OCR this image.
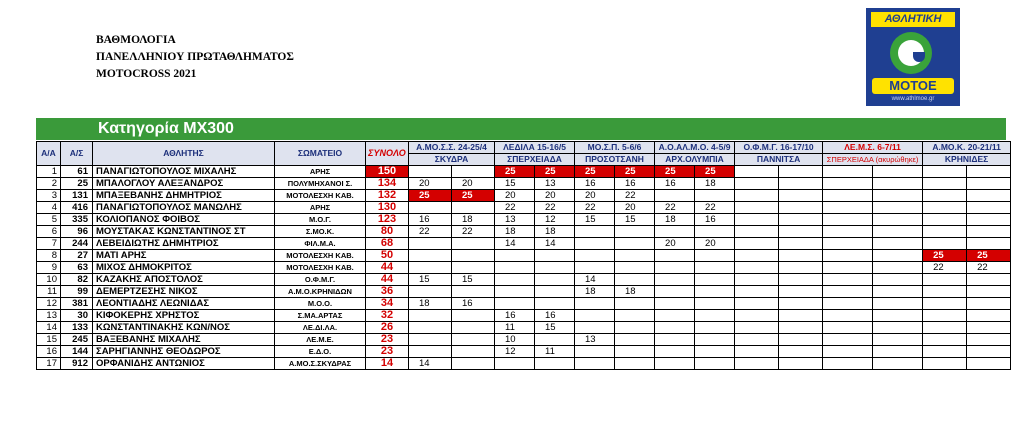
ΒΑΘΜΟΛΟΓΙΑ
ΠΑΝΕΛΛΗΝΙΟΥ ΠΡΩΤΑΘΛΗΜΑΤΟΣ
MOTOCROSS 2021
ΑΘΛΗΤΙΚΗ
ΜΟΤΟΕ
www.athlmoe.gr
Κατηγορία ΜΧ300
Α/Α	Α/Σ	ΑΘΛΗΤΗΣ	ΣΩΜΑΤΕΙΟ	ΣΥΝΟΛΟ	Α.ΜΟ.Σ.Σ. 24-25/4		ΛΕΔΙΛΑ 15-16/5		ΜΟ.Σ.Π. 5-6/6		Α.Ο.ΑΛ.Μ.Ο. 4-5/9		Ο.Φ.Μ.Γ. 16-17/10		ΛΕ.Μ.Σ. 6-7/11		Α.ΜΟ.Κ. 20-21/11	
					ΣΚΥΔΡΑ		ΣΠΕΡΧΕΙΑΔΑ		ΠΡΟΣΟΤΣΑΝΗ		ΑΡΧ.ΟΛΥΜΠΙΑ		ΠΑΝΝΙΤΣΑ		ΣΠΕΡΧΕΙΑΔΑ (ακυρώθηκε)		ΚΡΗΝΙΔΕΣ	
1	61	ΠΑΝΑΓΙΩΤΟΠΟΥΛΟΣ ΜΙΧΑΛΗΣ	ΑΡΗΣ	150			25	25	25	25	25	25						
2	25	ΜΠΑΛΟΓΛΟΥ ΑΛΕΞΑΝΔΡΟΣ	ΠΟΛΥΜΗΧΑΝΟΙ Σ.	134	20	20	15	13	16	16	16	18						
3	131	ΜΠΑΞΕΒΑΝΗΣ ΔΗΜΗΤΡΙΟΣ	ΜΟΤΟΛΕΣΧΗ ΚΑΒ.	132	25	25	20	20	20	22								
4	416	ΠΑΝΑΓΙΩΤΟΠΟΥΛΟΣ ΜΑΝΩΛΗΣ	ΑΡΗΣ	130			22	22	22	20	22	22						
5	335	ΚΟΛΙΟΠΑΝΟΣ ΦΟΙΒΟΣ	Μ.Ο.Γ.	123	16	18	13	12	15	15	18	16						
6	96	ΜΟΥΣΤΑΚΑΣ ΚΩΝΣΤΑΝΤΙΝΟΣ ΣΤ	Σ.ΜΟ.Κ.	80	22	22	18	18										
7	244	ΛΕΒΕΙΔΙΩΤΗΣ ΔΗΜΗΤΡΙΟΣ	ΦΙΛ.Μ.Α.	68			14	14			20	20						
8	27	ΜΑΤΙ ΑΡΗΣ	ΜΟΤΟΛΕΣΧΗ ΚΑΒ.	50													25	25
9	63	ΜΙΧΟΣ ΔΗΜΟΚΡΙΤΟΣ	ΜΟΤΟΛΕΣΧΗ ΚΑΒ.	44													22	22
10	82	ΚΑΖΑΚΗΣ ΑΠΟΣΤΟΛΟΣ	Ο.Φ.Μ.Γ.	44	15	15			14									
11	99	ΔΕΜΕΡΤΖΕΣΗΣ ΝΙΚΟΣ	Α.Μ.Ο.ΚΡΗΝΙΔΩΝ	36					18	18								
12	381	ΛΕΟΝΤΙΑΔΗΣ ΛΕΩΝΙΔΑΣ	Μ.Ο.Ο.	34	18	16												
13	30	ΚΙΦΟΚΕΡΗΣ ΧΡΗΣΤΟΣ	Σ.ΜΑ.ΑΡΤΑΣ	32			16	16										
14	133	ΚΩΝΣΤΑΝΤΙΝΑΚΗΣ ΚΩΝ/ΝΟΣ	ΛΕ.ΔΙ.ΛΑ.	26			11	15										
15	245	ΒΑΞΕΒΑΝΗΣ ΜΙΧΑΛΗΣ	ΛΕ.Μ.Ε.	23			10		13									
16	144	ΣΑΡΗΓΙΑΝΝΗΣ ΘΕΟΔΩΡΟΣ	Ε.Δ.Ο.	23			12	11										
17	912	ΟΡΦΑΝΙΔΗΣ ΑΝΤΩΝΙΟΣ	Α.ΜΟ.Σ.ΣΚΥΔΡΑΣ	14	14													
